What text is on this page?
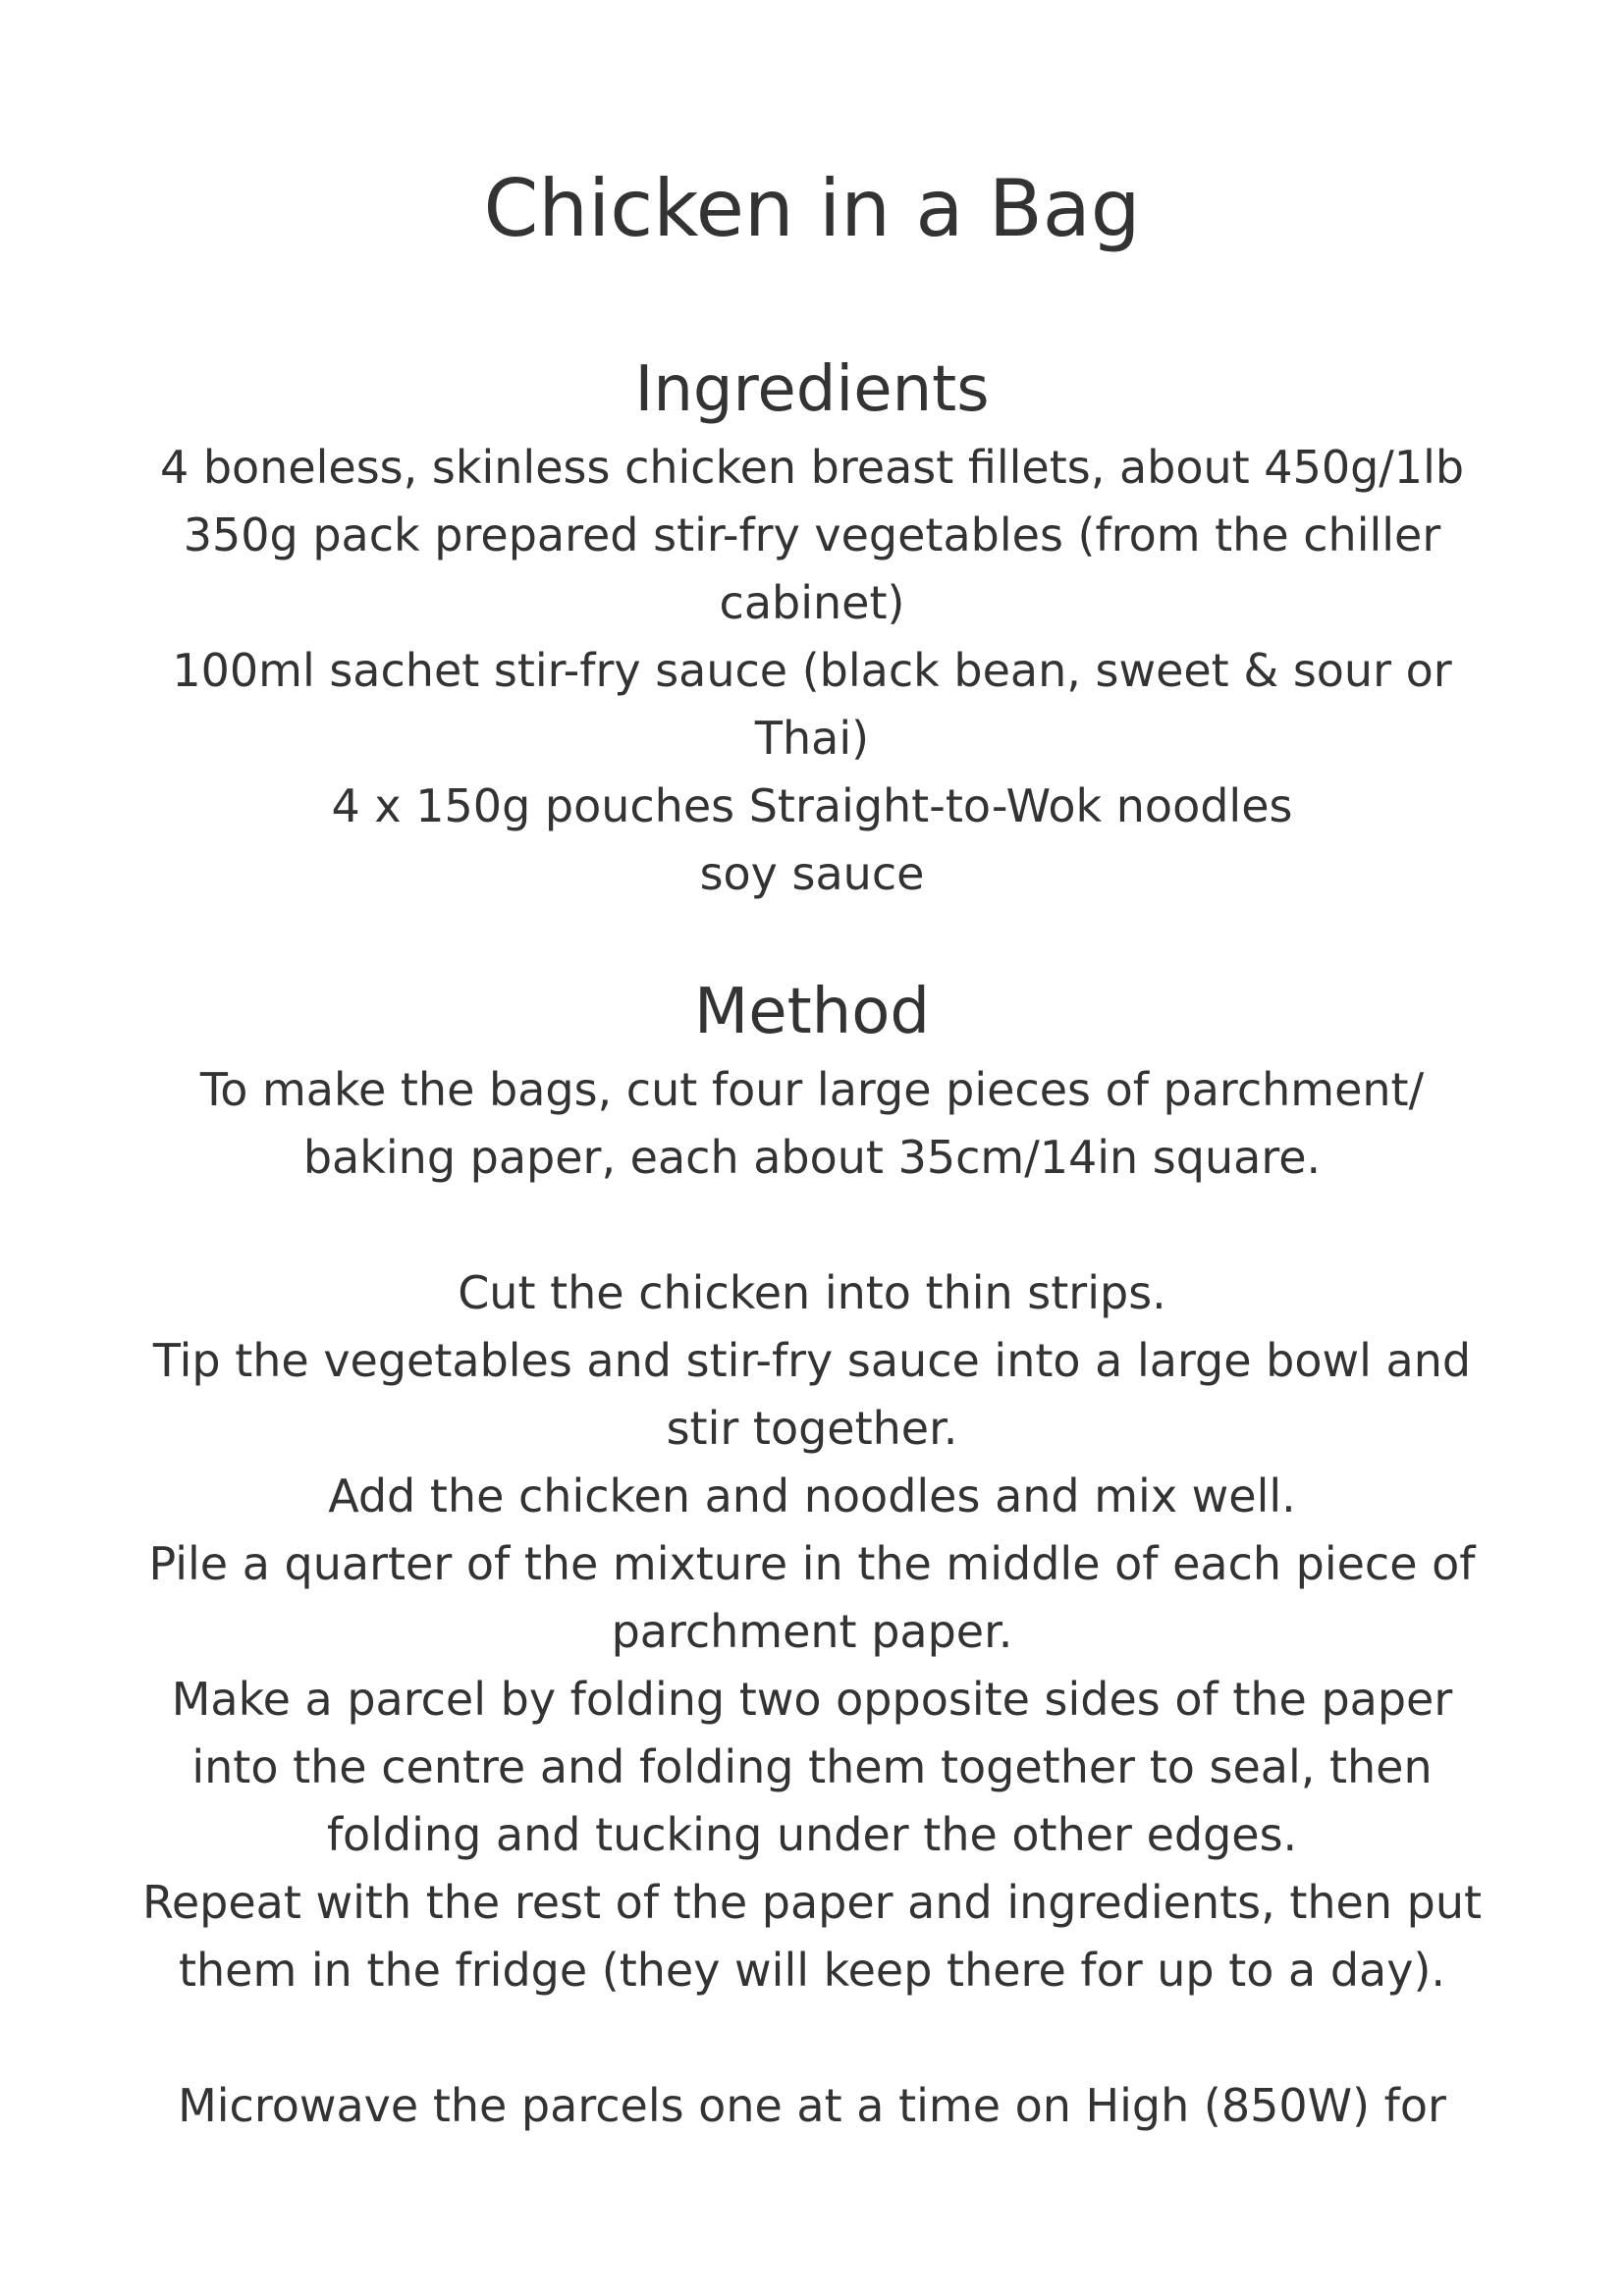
Chicken in a Bag
Ingredients

4 boneless, skinless chicken breast fillets, about 450g/1lb

350g pack prepared stir-fry vegetables (from the chiller

cabinet)

100ml sachet stir-fry sauce (black bean, sweet & sour or

Thai)

4 x 150g pouches Straight-to-Wok noodles

soy sauce

Method

To make the bags, cut four large pieces of parchment/

baking paper, each about 35cm/14in square.

Cut the chicken into thin strips.

Tip the vegetables and stir-fry sauce into a large bowl and

stir together.

Add the chicken and noodles and mix well.

Pile a quarter of the mixture in the middle of each piece of

parchment paper.

Make a parcel by folding two opposite sides of the paper

into the centre and folding them together to seal, then

folding and tucking under the other edges.

Repeat with the rest of the paper and ingredients, then put

them in the fridge (they will keep there for up to a day).

Microwave the parcels one at a time on High (850W) for
